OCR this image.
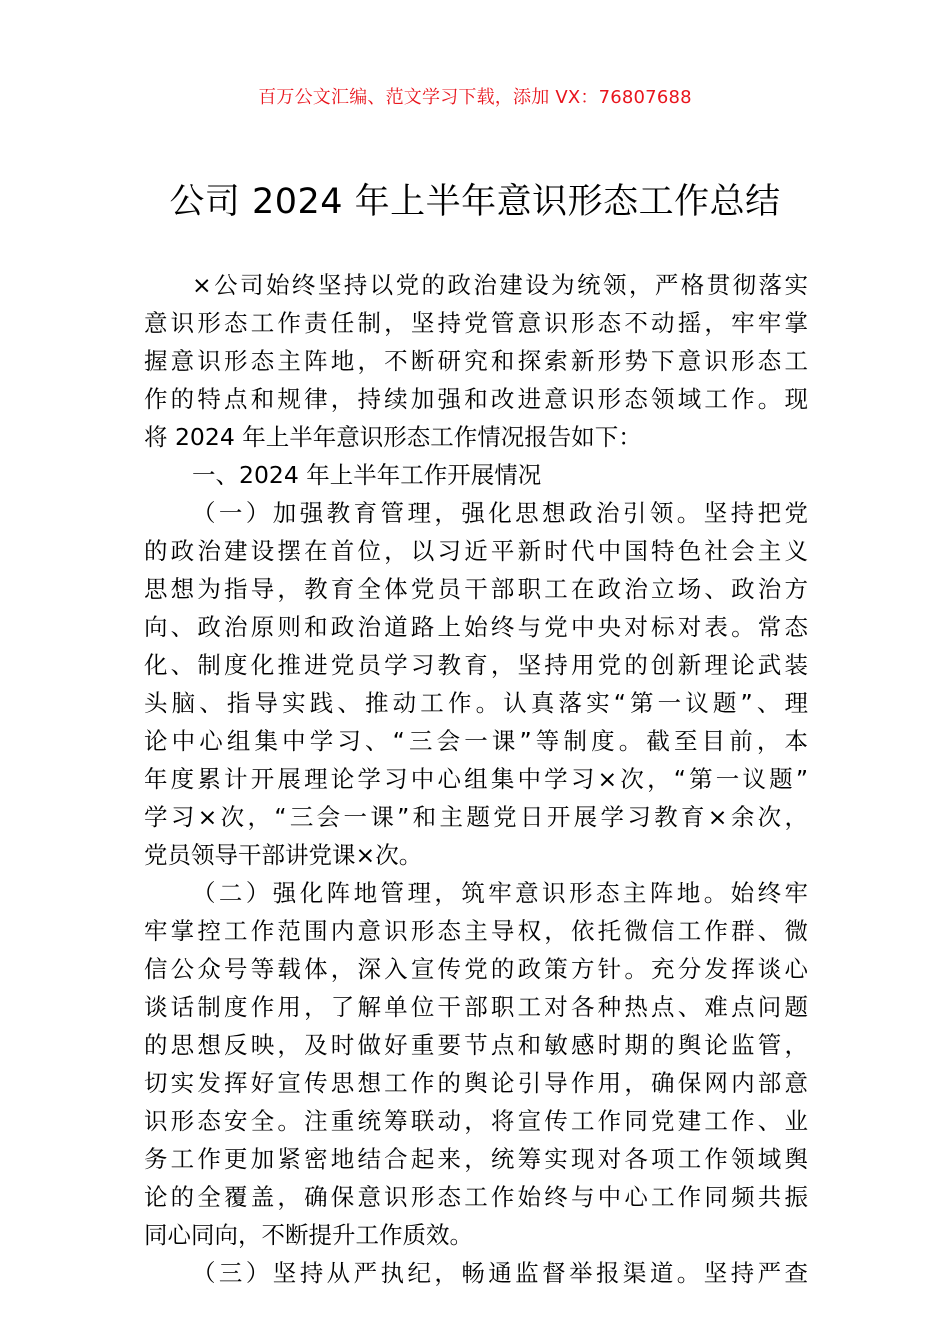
百万公文汇编、范文学习下载，添加 VX：76807688
公司 2024 年上半年意识形态工作总结
×公司始终坚持以党的政治建设为统领，严格贯彻落实
意识形态工作责任制，坚持党管意识形态不动摇，牢牢掌
握意识形态主阵地，不断研究和探索新形势下意识形态工
作的特点和规律，持续加强和改进意识形态领域工作。现
将 2024 年上半年意识形态工作情况报告如下：
一、2024 年上半年工作开展情况
（一）加强教育管理，强化思想政治引领。坚持把党
的政治建设摆在首位，以习近平新时代中国特色社会主义
思想为指导，教育全体党员干部职工在政治立场、政治方
向、政治原则和政治道路上始终与党中央对标对表。常态
化、制度化推进党员学习教育，坚持用党的创新理论武装
头脑、指导实践、推动工作。认真落实“第一议题”、理
论中心组集中学习、“三会一课”等制度。截至目前，本
年度累计开展理论学习中心组集中学习×次，“第一议题”
学习×次，“三会一课”和主题党日开展学习教育×余次，
党员领导干部讲党课×次。
（二）强化阵地管理，筑牢意识形态主阵地。始终牢
牢掌控工作范围内意识形态主导权，依托微信工作群、微
信公众号等载体，深入宣传党的政策方针。充分发挥谈心
谈话制度作用，了解单位干部职工对各种热点、难点问题
的思想反映，及时做好重要节点和敏感时期的舆论监管，
切实发挥好宣传思想工作的舆论引导作用，确保网内部意
识形态安全。注重统筹联动，将宣传工作同党建工作、业
务工作更加紧密地结合起来，统筹实现对各项工作领域舆
论的全覆盖，确保意识形态工作始终与中心工作同频共振
同心同向，不断提升工作质效。
（三）坚持从严执纪，畅通监督举报渠道。坚持严查
